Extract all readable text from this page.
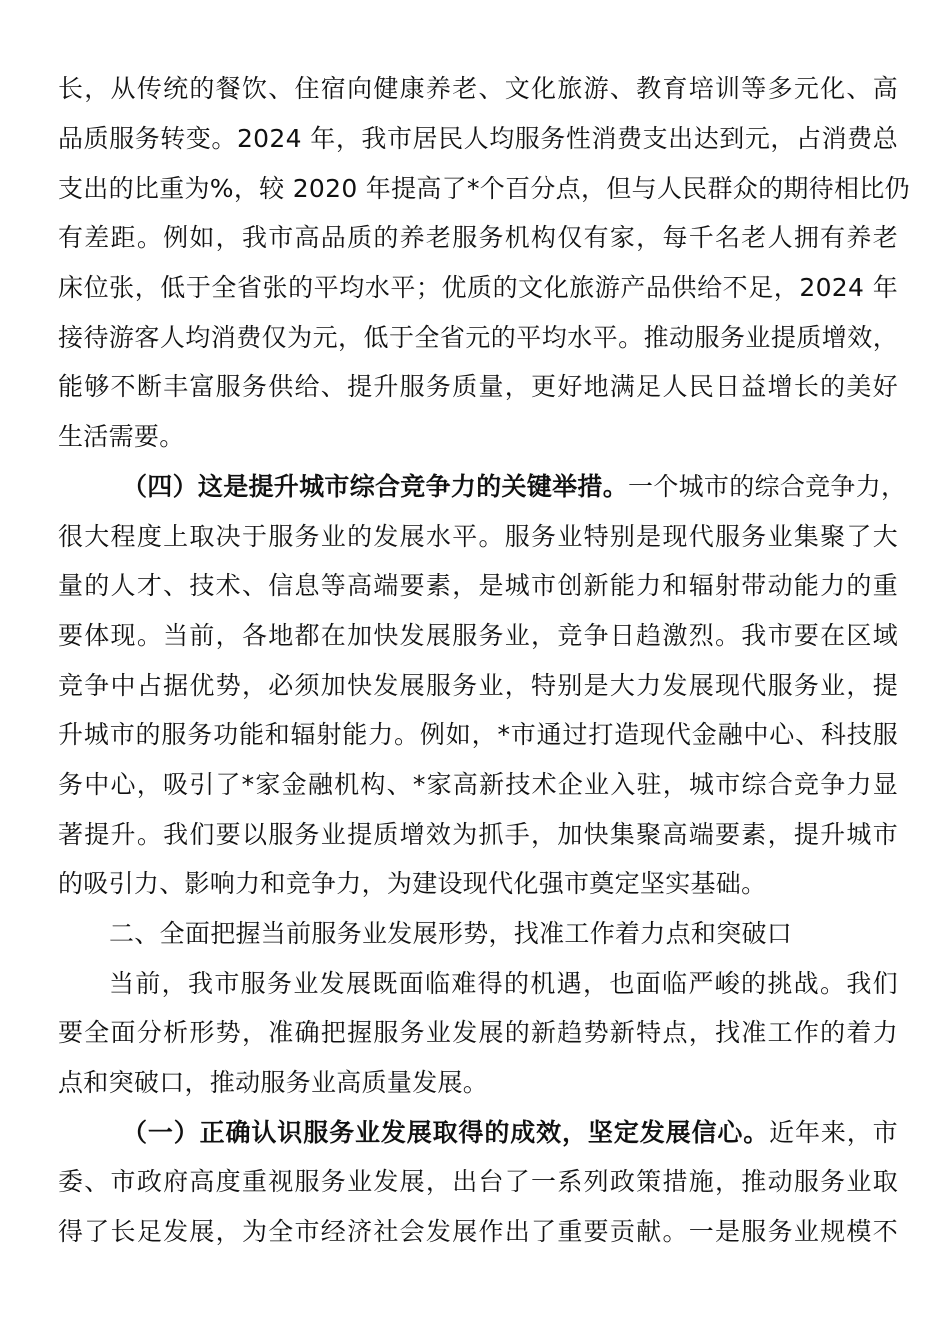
长，从传统的餐饮、住宿向健康养老、文化旅游、教育培训等多元化、高
品质服务转变。2024 年，我市居民人均服务性消费支出达到元，占消费总
支出的比重为%，较 2020 年提高了*个百分点，但与人民群众的期待相比仍
有差距。例如，我市高品质的养老服务机构仅有家，每千名老人拥有养老
床位张，低于全省张的平均水平；优质的文化旅游产品供给不足，2024 年
接待游客人均消费仅为元，低于全省元的平均水平。推动服务业提质增效，
能够不断丰富服务供给、提升服务质量，更好地满足人民日益增长的美好
生活需要。
（四）这是提升城市综合竞争力的关键举措。一个城市的综合竞争力，
很大程度上取决于服务业的发展水平。服务业特别是现代服务业集聚了大
量的人才、技术、信息等高端要素，是城市创新能力和辐射带动能力的重
要体现。当前，各地都在加快发展服务业，竞争日趋激烈。我市要在区域
竞争中占据优势，必须加快发展服务业，特别是大力发展现代服务业，提
升城市的服务功能和辐射能力。例如，*市通过打造现代金融中心、科技服
务中心，吸引了*家金融机构、*家高新技术企业入驻，城市综合竞争力显
著提升。我们要以服务业提质增效为抓手，加快集聚高端要素，提升城市
的吸引力、影响力和竞争力，为建设现代化强市奠定坚实基础。
二、全面把握当前服务业发展形势，找准工作着力点和突破口
当前，我市服务业发展既面临难得的机遇，也面临严峻的挑战。我们
要全面分析形势，准确把握服务业发展的新趋势新特点，找准工作的着力
点和突破口，推动服务业高质量发展。
（一）正确认识服务业发展取得的成效，坚定发展信心。近年来，市
委、市政府高度重视服务业发展，出台了一系列政策措施，推动服务业取
得了长足发展，为全市经济社会发展作出了重要贡献。一是服务业规模不
